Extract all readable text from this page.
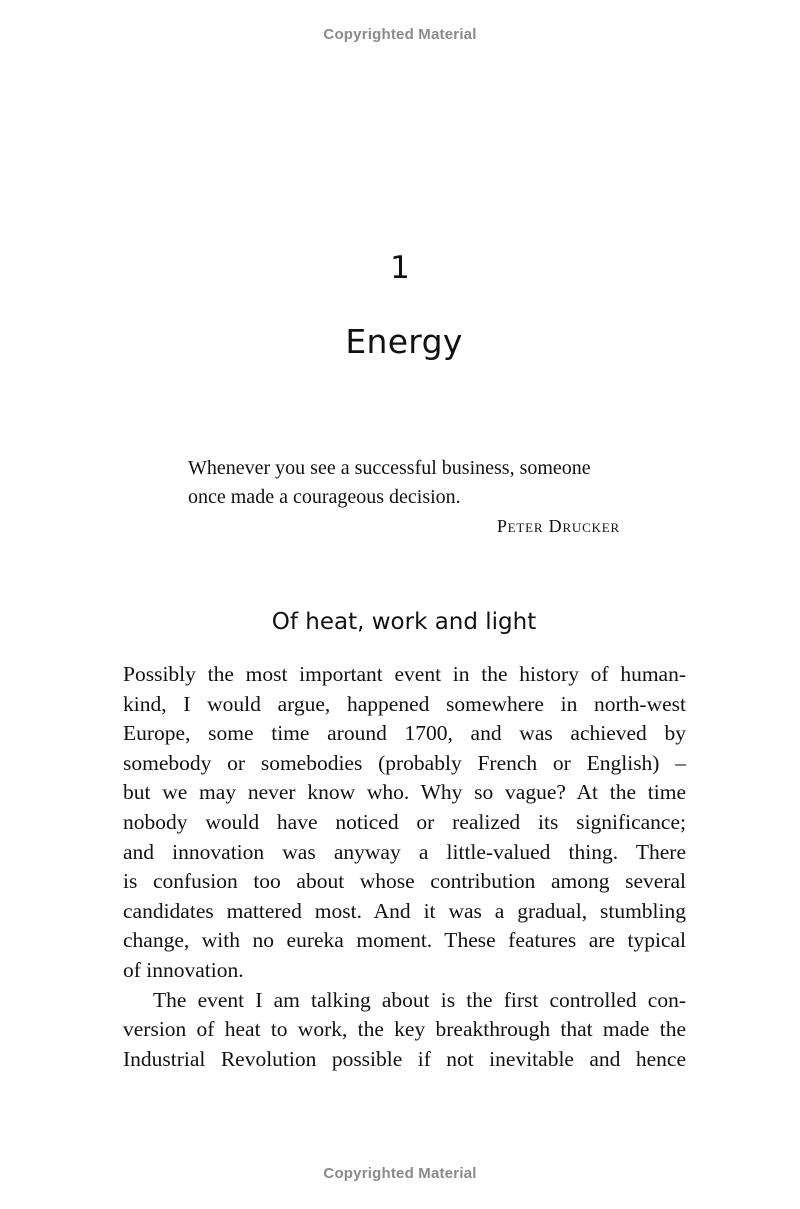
Copyrighted Material
1
Energy
Whenever you see a successful business, someone
once made a courageous decision.
Peter Drucker
Of heat, work and light
Possibly the most important event in the history of human-
kind, I would argue, happened somewhere in north-west
Europe, some time around 1700, and was achieved by
somebody or somebodies (probably French or English) –
but we may never know who. Why so vague? At the time
nobody would have noticed or realized its significance;
and innovation was anyway a little-valued thing. There
is confusion too about whose contribution among several
candidates mattered most. And it was a gradual, stumbling
change, with no eureka moment. These features are typical
of innovation.
The event I am talking about is the first controlled con-
version of heat to work, the key breakthrough that made the
Industrial Revolution possible if not inevitable and hence
Copyrighted Material
